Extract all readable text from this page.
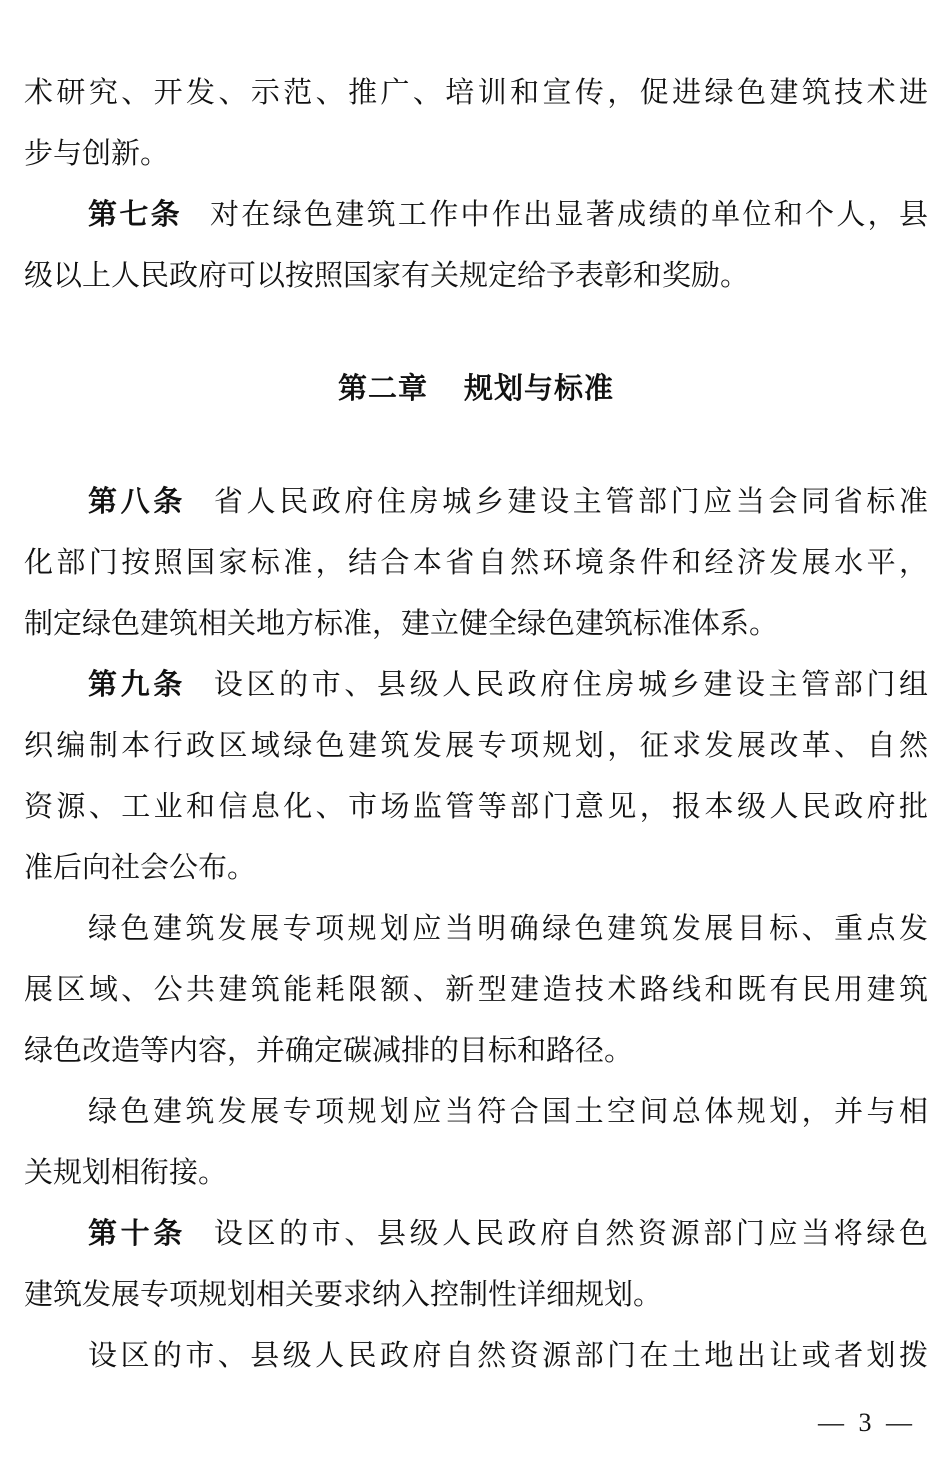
术研究、开发、示范、推广、培训和宣传，促进绿色建筑技术进
步与创新。
第七条 对在绿色建筑工作中作出显著成绩的单位和个人，县
级以上人民政府可以按照国家有关规定给予表彰和奖励。
第二章 规划与标准
第八条 省人民政府住房城乡建设主管部门应当会同省标准
化部门按照国家标准，结合本省自然环境条件和经济发展水平，
制定绿色建筑相关地方标准，建立健全绿色建筑标准体系。
第九条 设区的市、县级人民政府住房城乡建设主管部门组
织编制本行政区域绿色建筑发展专项规划，征求发展改革、自然
资源、工业和信息化、市场监管等部门意见，报本级人民政府批
准后向社会公布。
绿色建筑发展专项规划应当明确绿色建筑发展目标、重点发
展区域、公共建筑能耗限额、新型建造技术路线和既有民用建筑
绿色改造等内容，并确定碳减排的目标和路径。
绿色建筑发展专项规划应当符合国土空间总体规划，并与相
关规划相衔接。
第十条 设区的市、县级人民政府自然资源部门应当将绿色
建筑发展专项规划相关要求纳入控制性详细规划。
设区的市、县级人民政府自然资源部门在土地出让或者划拨
— 3 —
